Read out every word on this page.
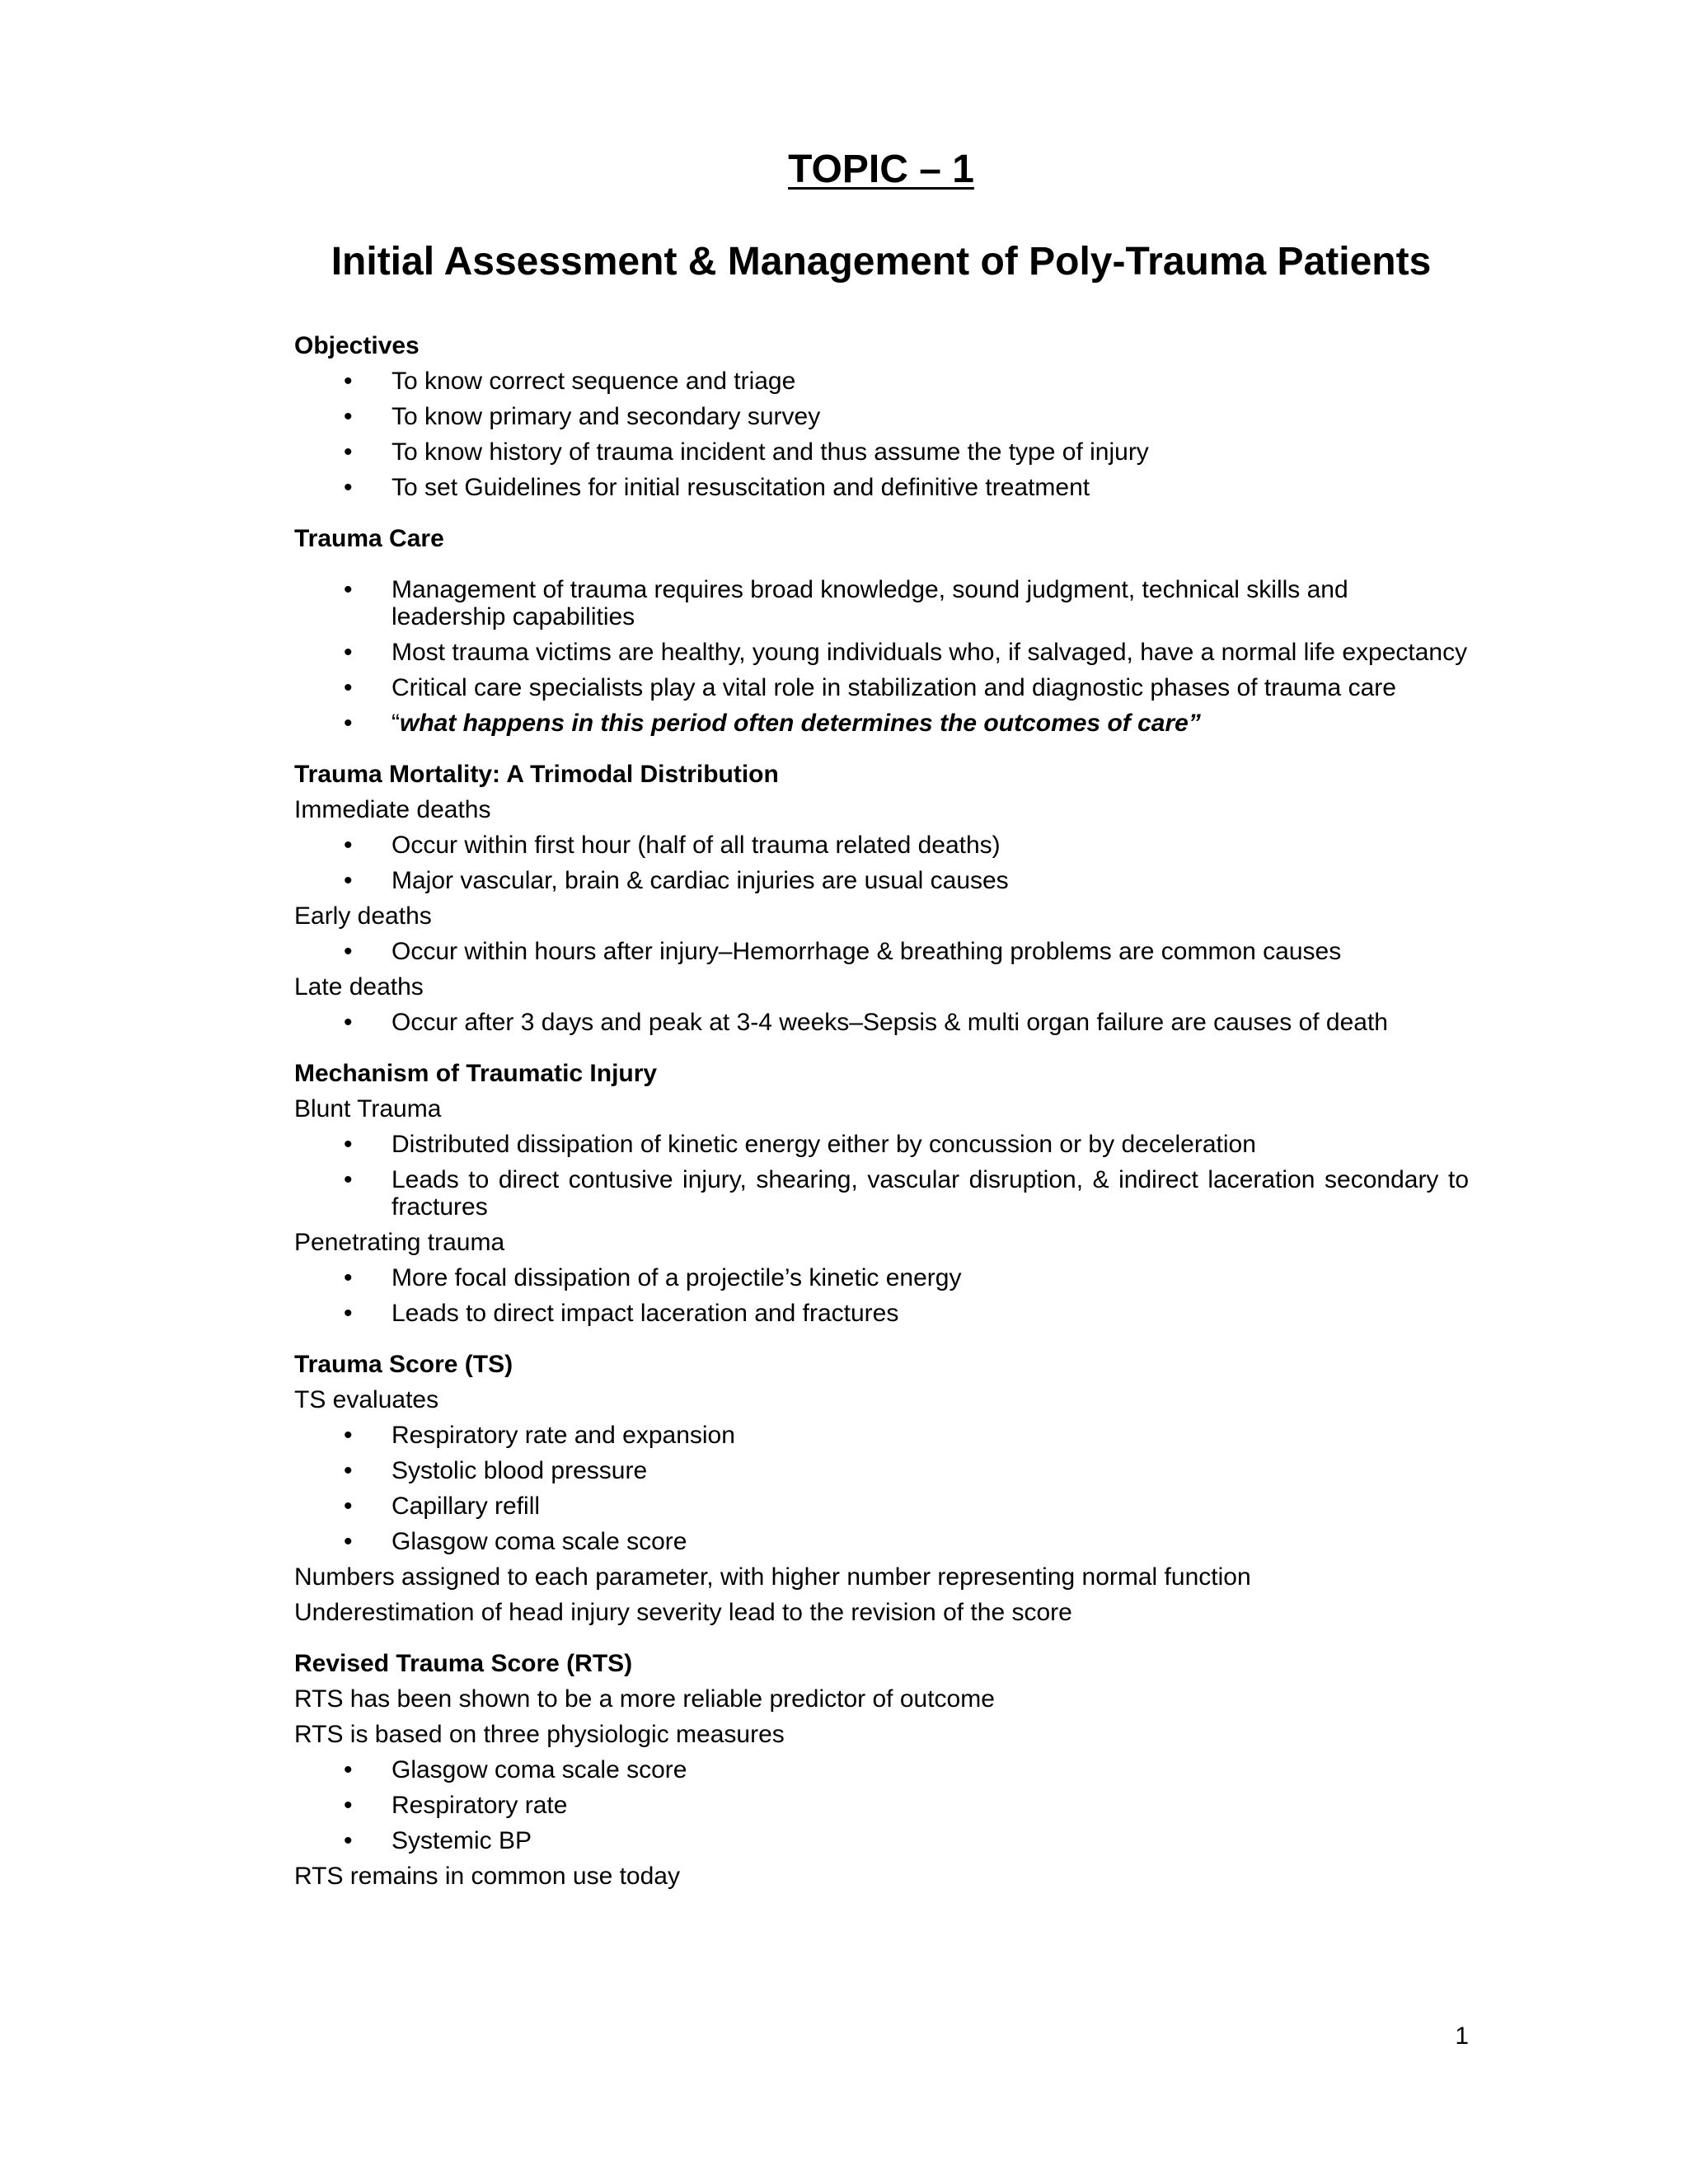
TOPIC – 1
Initial Assessment & Management of Poly-Trauma Patients
Objectives
• To know correct sequence and triage
• To know primary and secondary survey
• To know history of trauma incident and thus assume the type of injury
• To set Guidelines for initial resuscitation and definitive treatment
Trauma Care
• Management of trauma requires broad knowledge, sound judgment, technical skills and leadership capabilities
• Most trauma victims are healthy, young individuals who, if salvaged, have a normal life expectancy
• Critical care specialists play a vital role in stabilization and diagnostic phases of trauma care
• “what happens in this period often determines the outcomes of care”
Trauma Mortality: A Trimodal Distribution
Immediate deaths
• Occur within first hour (half of all trauma related deaths)
• Major vascular, brain & cardiac injuries are usual causes
Early deaths
• Occur within hours after injury–Hemorrhage & breathing problems are common causes
Late deaths
• Occur after 3 days and peak at 3-4 weeks–Sepsis & multi organ failure are causes of death
Mechanism of Traumatic Injury
Blunt Trauma
• Distributed dissipation of kinetic energy either by concussion or by deceleration
• Leads to direct contusive injury, shearing, vascular disruption, & indirect laceration secondary to fractures
Penetrating trauma
• More focal dissipation of a projectile’s kinetic energy
• Leads to direct impact laceration and fractures
Trauma Score (TS)
TS evaluates
• Respiratory rate and expansion
• Systolic blood pressure
• Capillary refill
• Glasgow coma scale score
Numbers assigned to each parameter, with higher number representing normal function
Underestimation of head injury severity lead to the revision of the score
Revised Trauma Score (RTS)
RTS has been shown to be a more reliable predictor of outcome
RTS is based on three physiologic measures
• Glasgow coma scale score
• Respiratory rate
• Systemic BP
RTS remains in common use today
1
